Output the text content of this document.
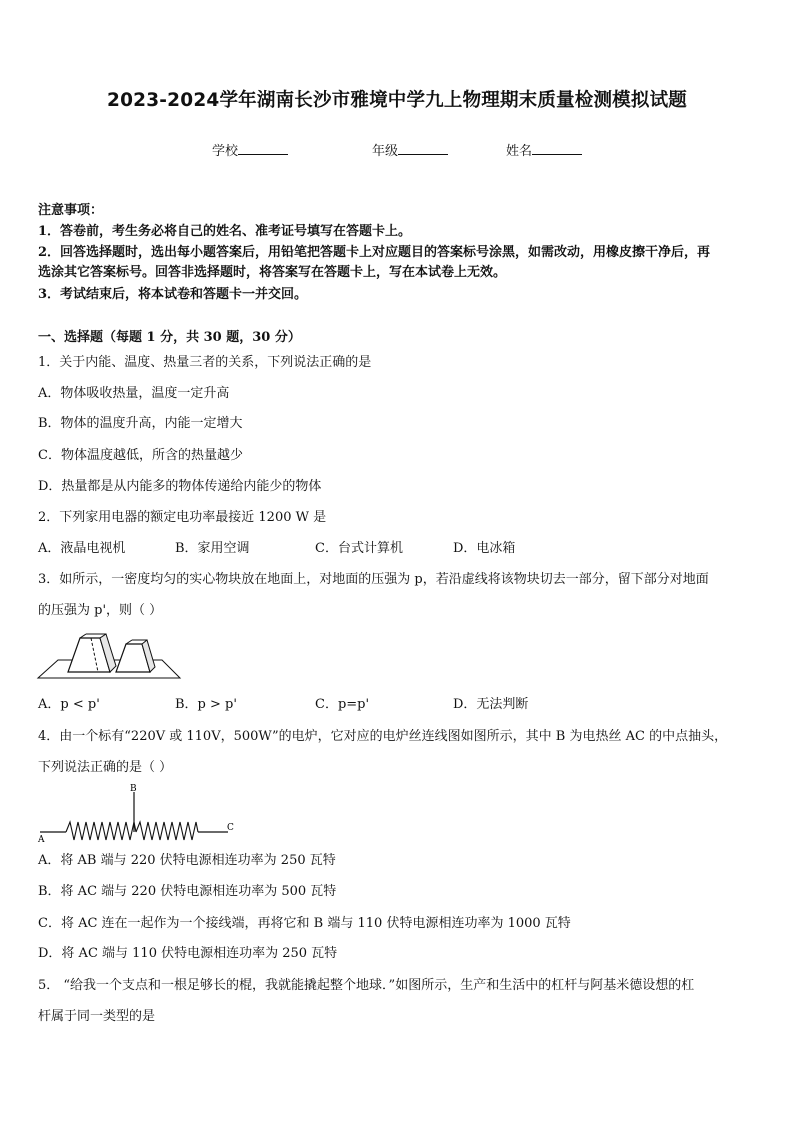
2023-2024学年湖南长沙市雅境中学九上物理期末质量检测模拟试题
学校	年级	姓名
注意事项：
1．答卷前，考生务必将自己的姓名、准考证号填写在答题卡上。
2．回答选择题时，选出每小题答案后，用铅笔把答题卡上对应题目的答案标号涂黑，如需改动，用橡皮擦干净后，再
选涂其它答案标号。回答非选择题时，将答案写在答题卡上，写在本试卷上无效。
3．考试结束后，将本试卷和答题卡一并交回。
一、选择题（每题 1 分，共 30 题，30 分）
1．关于内能、温度、热量三者的关系，下列说法正确的是
A．物体吸收热量，温度一定升高
B．物体的温度升高，内能一定增大
C．物体温度越低，所含的热量越少
D．热量都是从内能多的物体传递给内能少的物体
2．下列家用电器的额定电功率最接近 1200 W 是
A．液晶电视机	B．家用空调	C．台式计算机	D．电冰箱
3．如所示，一密度均匀的实心物块放在地面上，对地面的压强为 p，若沿虚线将该物块切去一部分，留下部分对地面
的压强为 p'，则（ ）
A．p < p'	B．p > p'	C．p=p'	D．无法判断
4．由一个标有“220V 或 110V，500W”的电炉，它对应的电炉丝连线图如图所示，其中 B 为电热丝 AC 的中点抽头，
下列说法正确的是（ ）
B
A
C
A．将 AB 端与 220 伏特电源相连功率为 250 瓦特
B．将 AC 端与 220 伏特电源相连功率为 500 瓦特
C．将 AC 连在一起作为一个接线端，再将它和 B 端与 110 伏特电源相连功率为 1000 瓦特
D．将 AC 端与 110 伏特电源相连功率为 250 瓦特
5． “给我一个支点和一根足够长的棍，我就能撬起整个地球．”如图所示，生产和生活中的杠杆与阿基米德设想的杠
杆属于同一类型的是
